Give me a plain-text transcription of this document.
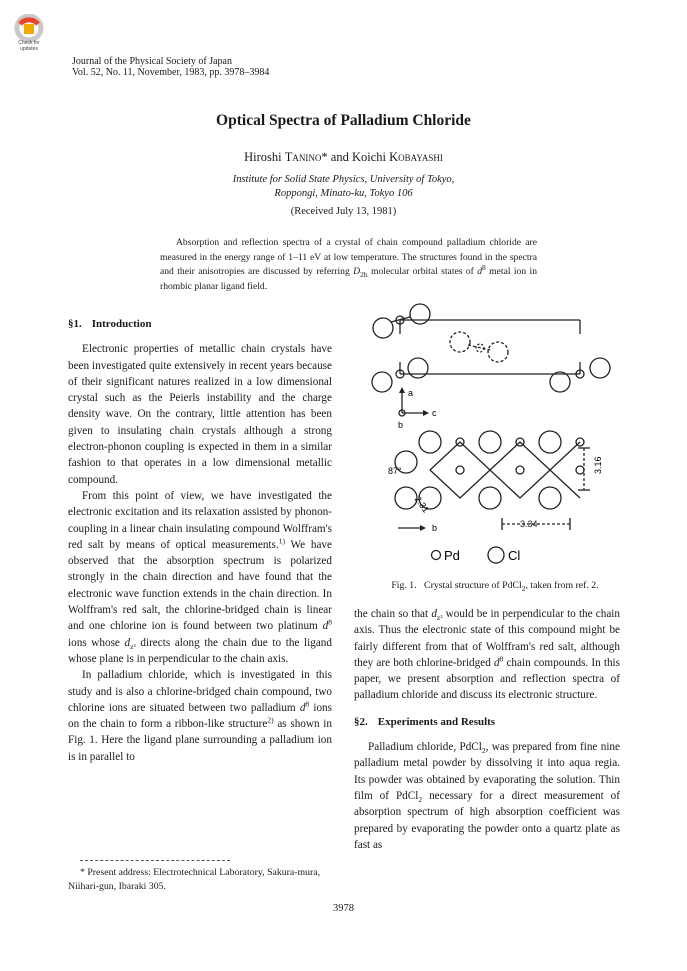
Check for
updates
Journal of the Physical Society of Japan
Vol. 52, No. 11, November, 1983, pp. 3978–3984
Optical Spectra of Palladium Chloride
Hiroshi Tanino* and Koichi Kobayashi
Institute for Solid State Physics, University of Tokyo,
Roppongi, Minato-ku, Tokyo 106
(Received July 13, 1981)
Absorption and reflection spectra of a crystal of chain compound palladium chloride are measured in the energy range of 1–11 eV at low temperature. The structures found in the spectra and their anisotropies are discussed by referring $D_{2h}$ molecular orbital states of $d^8$ metal ion in rhombic planar ligand field.
§1. Introduction

Electronic properties of metallic chain crystals have been investigated quite extensively in recent years because of their significant natures realized in a low dimensional crystal such as the Peierls instability and the charge density wave. On the contrary, little attention has been given to insulating chain crystals although a strong electron-phonon coupling is expected in them in a similar fashion to that operates in a low dimensional metallic compound.

From this point of view, we have investigated the electronic excitation and its relaxation assisted by phonon-coupling in a linear chain insulating compound Wolffram's red salt by means of optical measurements.$^{1)}$ We have observed that the absorption spectrum is polarized strongly in the chain direction and have found that the electronic wave function extends in the chain direction. In Wolffram's red salt, the chlorine-bridged chain is linear and one chlorine ion is found between two platinum $d^8$ ions whose $d_{z^2}$ directs along the chain due to the ligand whose plane is in perpendicular to the chain axis.

In palladium chloride, which is investigated in this study and is also a chlorine-bridged chain compound, two chlorine ions are situated between two palladium $d^8$ ions on the chain to form a ribbon-like structure$^{2)}$ as shown in Fig. 1. Here the ligand plane surrounding a palladium ion is in parallel to

* Present address: Electrotechnical Laboratory, Sakura-mura, Niihari-gun, Ibaraki 305.
a
c
b
87°
2.31
3.16
3.34
b
Pd	Cl
Fig. 1. Crystal structure of PdCl$_2$, taken from ref. 2.

the chain so that $d_{z^2}$ would be in perpendicular to the chain axis. Thus the electronic state of this compound might be fairly different from that of Wolffram's red salt, although they are both chlorine-bridged $d^8$ chain compounds. In this paper, we present absorption and reflection spectra of palladium chloride and discuss its electronic structure.

§2. Experiments and Results

Palladium chloride, PdCl$_2$, was prepared from fine nine palladium metal powder by dissolving it into aqua regia. Its powder was obtained by evaporating the solution. Thin film of PdCl$_2$ necessary for a direct measurement of absorption spectrum of high absorption coefficient was prepared by evaporating the powder onto a quartz plate as fast as

3978
